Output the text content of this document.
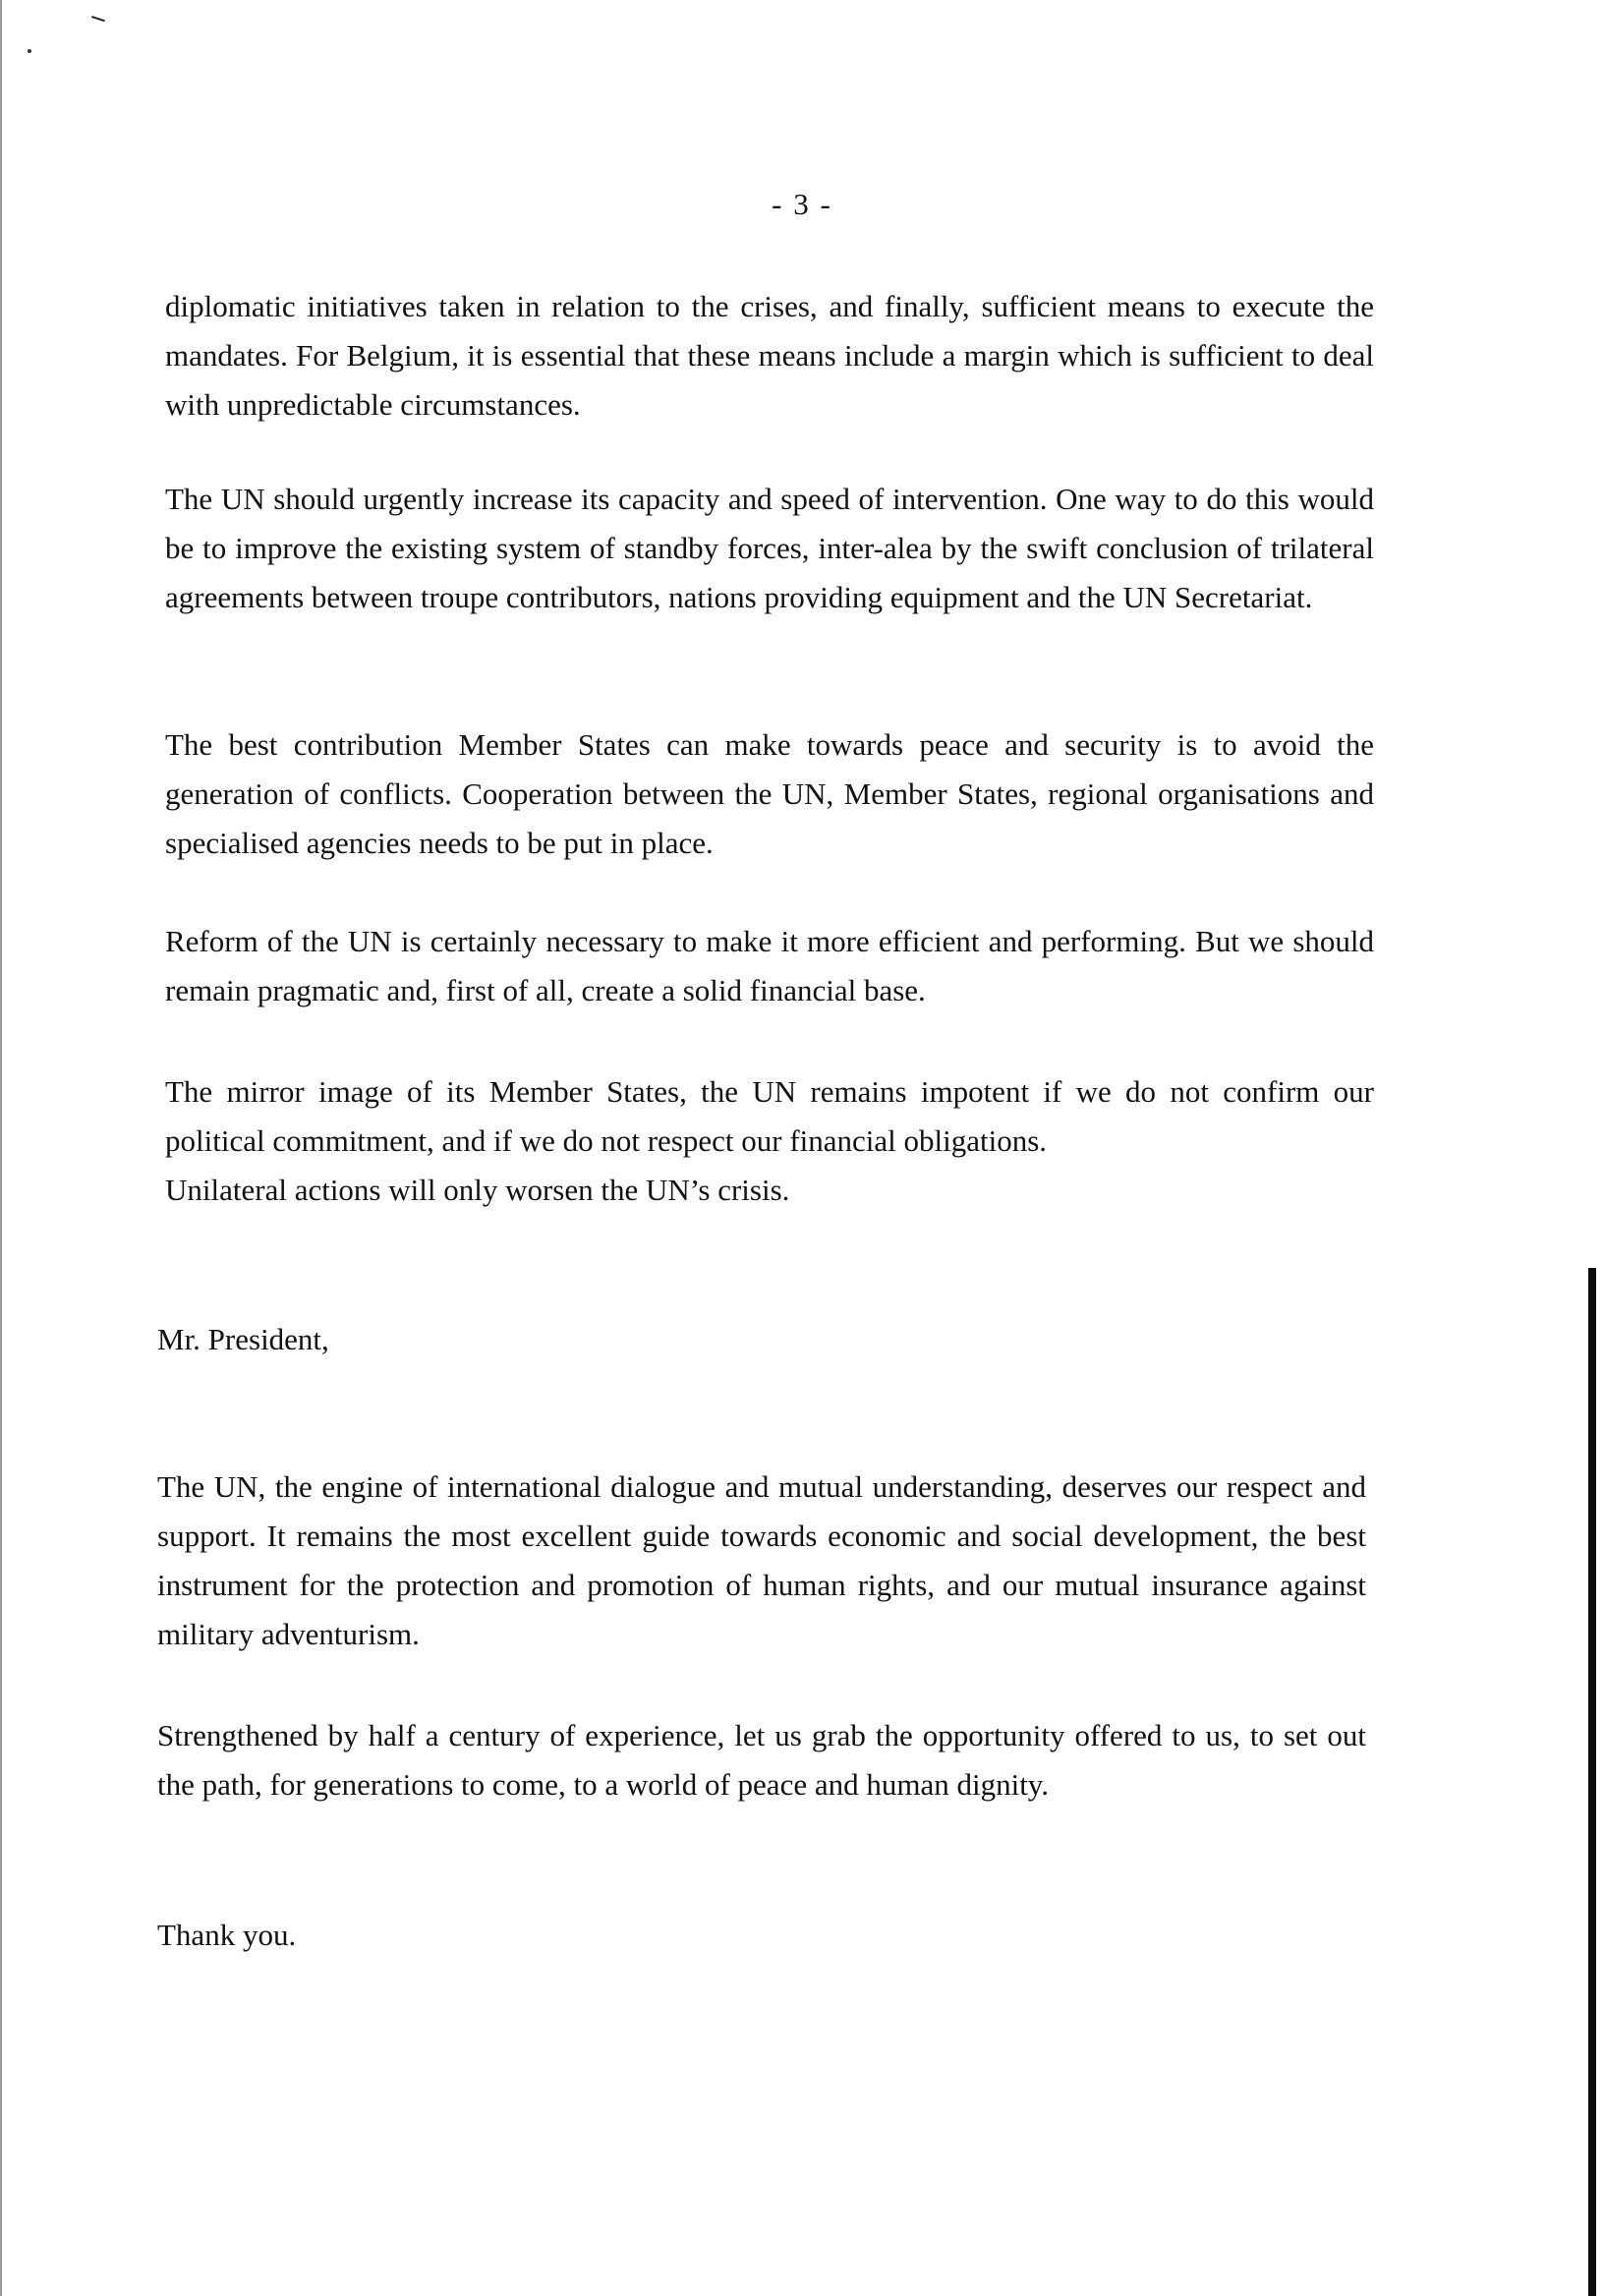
- 3 -
diplomatic initiatives taken in relation to the crises, and finally, sufficient means to execute the mandates. For Belgium, it is essential that these means include a margin which is sufficient to deal with unpredictable circumstances.
The UN should urgently increase its capacity and speed of intervention. One way to do this would be to improve the existing system of standby forces, inter-alea by the swift conclusion of trilateral agreements between troupe contributors, nations providing equipment and the UN Secretariat.
The best contribution Member States can make towards peace and security is to avoid the generation of conflicts. Cooperation between the UN, Member States, regional organisations and specialised agencies needs to be put in place.
Reform of the UN is certainly necessary to make it more efficient and performing. But we should remain pragmatic and, first of all, create a solid financial base.
The mirror image of its Member States, the UN remains impotent if we do not confirm our political commitment, and if we do not respect our financial obligations.
Unilateral actions will only worsen the UN’s crisis.
Mr. President,
The UN, the engine of international dialogue and mutual understanding, deserves our respect and support. It remains the most excellent guide towards economic and social development, the best instrument for the protection and promotion of human rights, and our mutual insurance against military adventurism.
Strengthened by half a century of experience, let us grab the opportunity offered to us, to set out the path, for generations to come, to a world of peace and human dignity.
Thank you.
